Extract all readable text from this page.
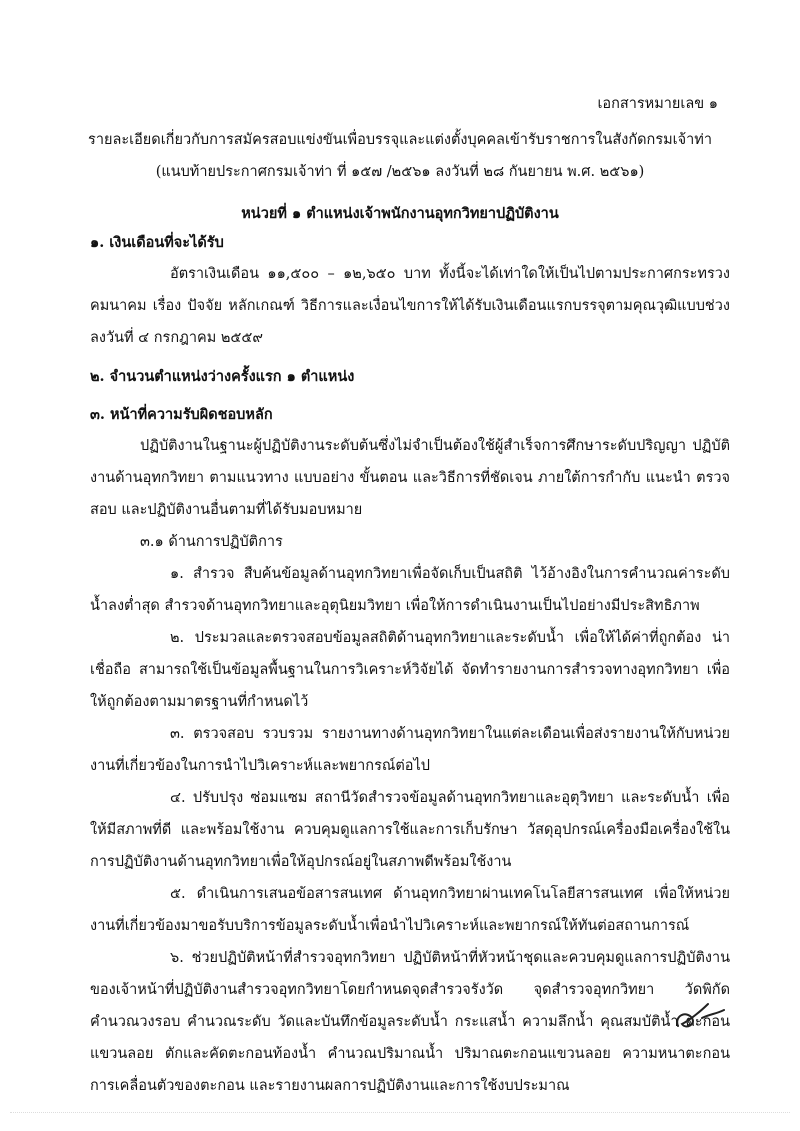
เอกสารหมายเลข ๑
รายละเอียดเกี่ยวกับการสมัครสอบแข่งขันเพื่อบรรจุและแต่งตั้งบุคคลเข้ารับราชการในสังกัดกรมเจ้าท่า
(แนบท้ายประกาศกรมเจ้าท่า ที่ ๑๕๗ /๒๕๖๑ ลงวันที่ ๒๘ กันยายน พ.ศ. ๒๕๖๑)
หน่วยที่ ๑ ตำแหน่งเจ้าพนักงานอุทกวิทยาปฏิบัติงาน

๑. เงินเดือนที่จะได้รับ

อัตราเงินเดือน ๑๑,๕๐๐ – ๑๒,๖๕๐ บาท ทั้งนี้จะได้เท่าใดให้เป็นไปตามประกาศกระทรวงคมนาคม เรื่อง ปัจจัย หลักเกณฑ์ วิธีการและเงื่อนไขการให้ได้รับเงินเดือนแรกบรรจุตามคุณวุฒิแบบช่วง ลงวันที่ ๔ กรกฎาคม ๒๕๕๙

๒. จำนวนตำแหน่งว่างครั้งแรก ๑ ตำแหน่ง

๓. หน้าที่ความรับผิดชอบหลัก

ปฏิบัติงานในฐานะผู้ปฏิบัติงานระดับต้นซึ่งไม่จำเป็นต้องใช้ผู้สำเร็จการศึกษาระดับปริญญา ปฏิบัติงานด้านอุทกวิทยา ตามแนวทาง แบบอย่าง ขั้นตอน และวิธีการที่ชัดเจน ภายใต้การกำกับ แนะนำ ตรวจสอบ และปฏิบัติงานอื่นตามที่ได้รับมอบหมาย

๓.๑ ด้านการปฏิบัติการ

๑. สำรวจ สืบค้นข้อมูลด้านอุทกวิทยาเพื่อจัดเก็บเป็นสถิติ ไว้อ้างอิงในการคำนวณค่าระดับน้ำลงต่ำสุด สำรวจด้านอุทกวิทยาและอุตุนิยมวิทยา เพื่อให้การดำเนินงานเป็นไปอย่างมีประสิทธิภาพ

๒. ประมวลและตรวจสอบข้อมูลสถิติด้านอุทกวิทยาและระดับน้ำ เพื่อให้ได้ค่าที่ถูกต้อง น่าเชื่อถือ สามารถใช้เป็นข้อมูลพื้นฐานในการวิเคราะห์วิจัยได้ จัดทำรายงานการสำรวจทางอุทกวิทยา เพื่อให้ถูกต้องตามมาตรฐานที่กำหนดไว้

๓. ตรวจสอบ รวบรวม รายงานทางด้านอุทกวิทยาในแต่ละเดือนเพื่อส่งรายงานให้กับหน่วยงานที่เกี่ยวข้องในการนำไปวิเคราะห์และพยากรณ์ต่อไป

๔. ปรับปรุง ซ่อมแซม สถานีวัดสำรวจข้อมูลด้านอุทกวิทยาและอุตุวิทยา และระดับน้ำ เพื่อให้มีสภาพที่ดี และพร้อมใช้งาน ควบคุมดูแลการใช้และการเก็บรักษา วัสดุอุปกรณ์เครื่องมือเครื่องใช้ในการปฏิบัติงานด้านอุทกวิทยาเพื่อให้อุปกรณ์อยู่ในสภาพดีพร้อมใช้งาน

๕. ดำเนินการเสนอข้อสารสนเทศ ด้านอุทกวิทยาผ่านเทคโนโลยีสารสนเทศ เพื่อให้หน่วยงานที่เกี่ยวข้องมาขอรับบริการข้อมูลระดับน้ำเพื่อนำไปวิเคราะห์และพยากรณ์ให้ทันต่อสถานการณ์

๖. ช่วยปฏิบัติหน้าที่สำรวจอุทกวิทยา ปฏิบัติหน้าที่หัวหน้าชุดและควบคุมดูแลการปฏิบัติงานของเจ้าหน้าที่ปฏิบัติงานสำรวจอุทกวิทยาโดยกำหนดจุดสำรวจรังวัด จุดสำรวจอุทกวิทยา วัดพิกัด คำนวณวงรอบ คำนวณระดับ วัดและบันทึกข้อมูลระดับน้ำ กระแสน้ำ ความลึกน้ำ คุณสมบัติน้ำ ตะกอนแขวนลอย ตักและคัดตะกอนท้องน้ำ คำนวณปริมาณน้ำ ปริมาณตะกอนแขวนลอย ความหนาตะกอน การเคลื่อนตัวของตะกอน และรายงานผลการปฏิบัติงานและการใช้งบประมาณ
